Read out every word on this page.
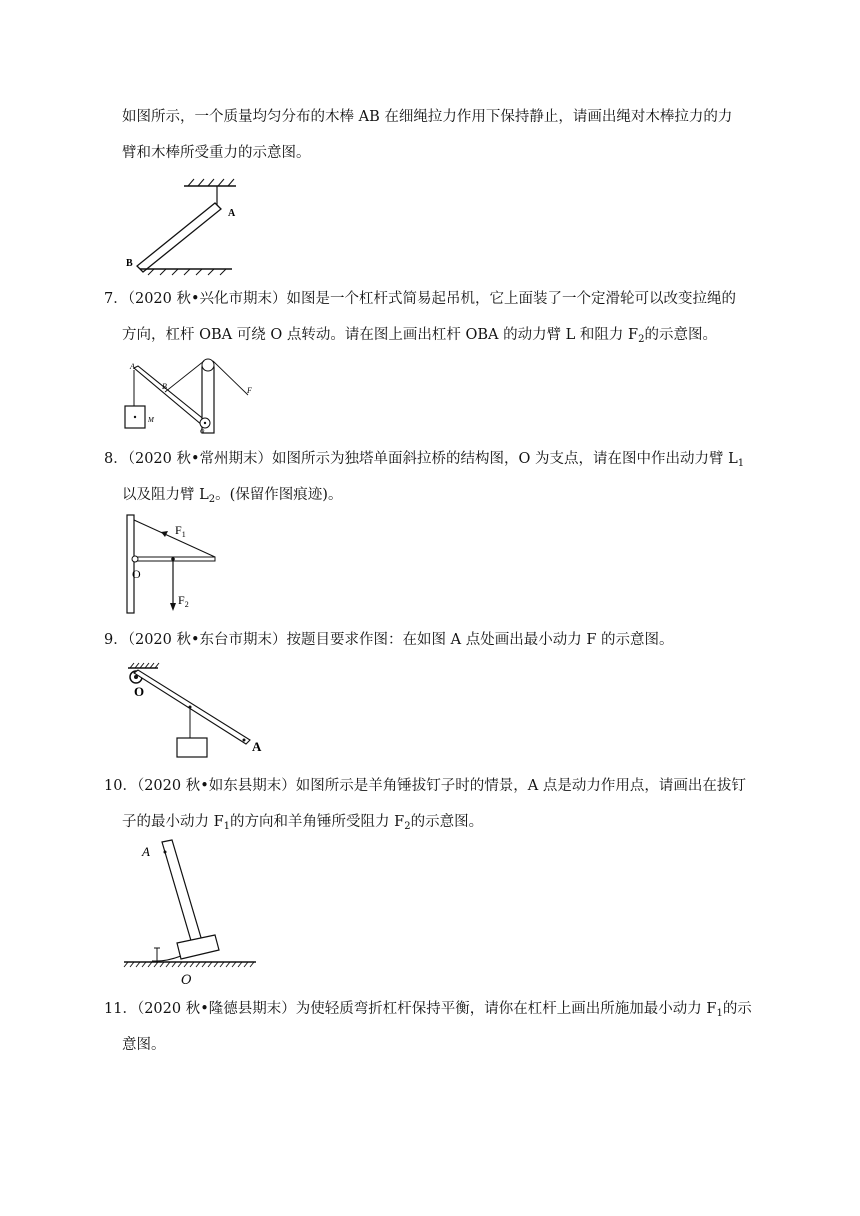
如图所示，一个质量均匀分布的木棒 AB 在细绳拉力作用下保持静止，请画出绳对木棒拉力的力
臂和木棒所受重力的示意图。
A
B
7．（2020 秋•兴化市期末）如图是一个杠杆式简易起吊机，它上面装了一个定滑轮可以改变拉绳的
方向，杠杆 OBA 可绕 O 点转动。请在图上画出杠杆 OBA 的动力臂 L 和阻力 $F_2$的示意图。
M
A
B	F
O
8．（2020 秋•常州期末）如图所示为独塔单面斜拉桥的结构图，O 为支点，请在图中作出动力臂 $L_1$
以及阻力臂 $L_2$。(保留作图痕迹)。
$F_1$
O
$F_2$
9．（2020 秋•东台市期末）按题目要求作图：在如图 A 点处画出最小动力 F 的示意图。
O
A
10．（2020 秋•如东县期末）如图所示是羊角锤拔钉子时的情景，A 点是动力作用点，请画出在拔钉
子的最小动力 $F_1$的方向和羊角锤所受阻力 $F_2$的示意图。
A
O
11．（2020 秋•隆德县期末）为使轻质弯折杠杆保持平衡，请你在杠杆上画出所施加最小动力 $F_1$的示
意图。
